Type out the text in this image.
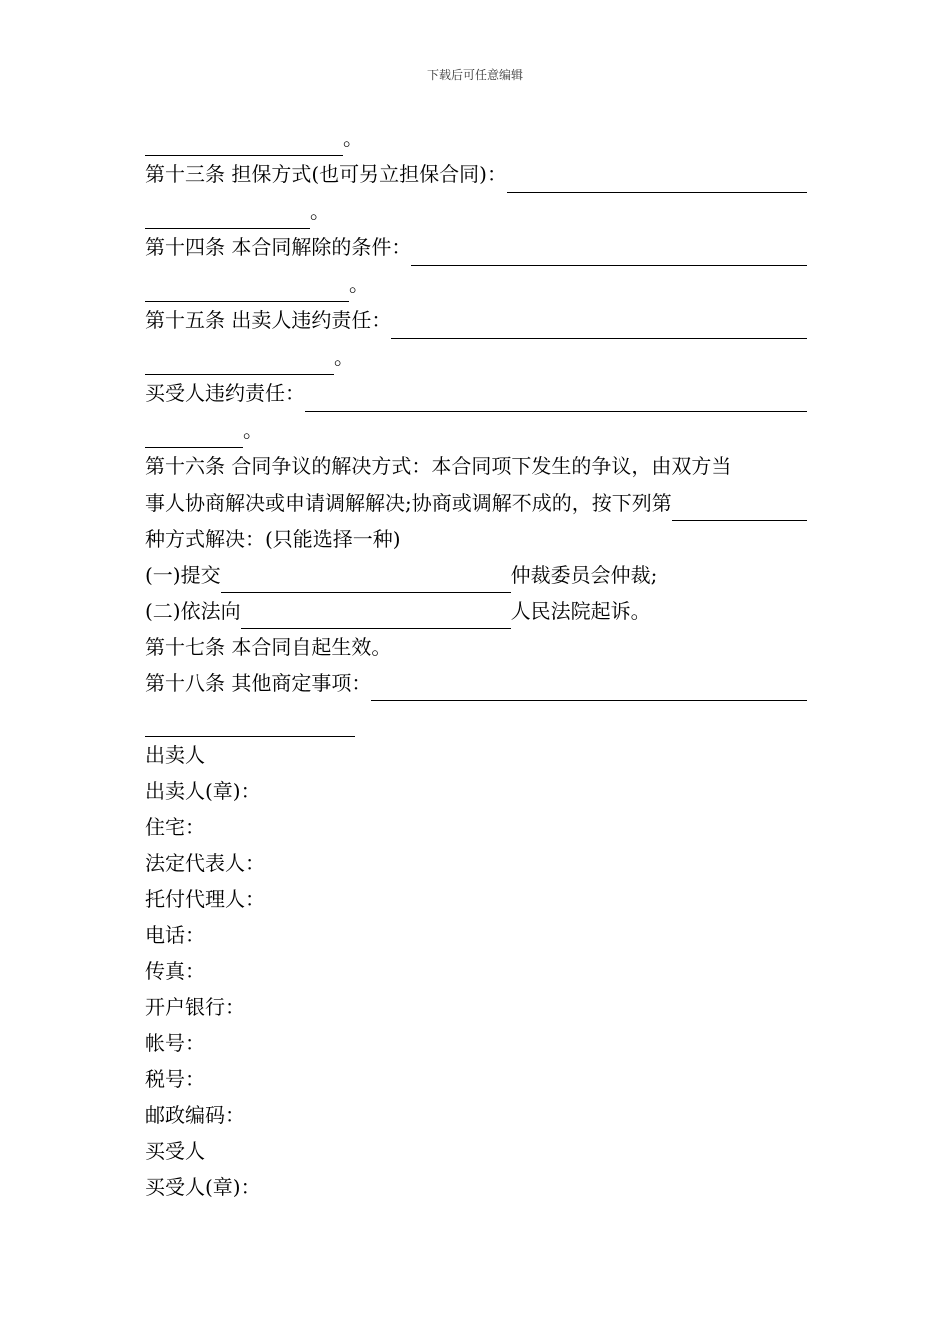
下载后可任意编辑
。
第十三条 担保方式(也可另立担保合同)：
。
第十四条 本合同解除的条件：
。
第十五条 出卖人违约责任：
。
买受人违约责任：
。
第十六条 合同争议的解决方式：本合同项下发生的争议，由双方当
事人协商解决或申请调解解决;协商或调解不成的，按下列第
种方式解决：(只能选择一种)
(一)提交	仲裁委员会仲裁;
(二)依法向	人民法院起诉。
第十七条 本合同自起生效。
第十八条 其他商定事项：
出卖人
出卖人(章)：
住宅：
法定代表人：
托付代理人：
电话：
传真：
开户银行：
帐号：
税号：
邮政编码：
买受人
买受人(章)：
